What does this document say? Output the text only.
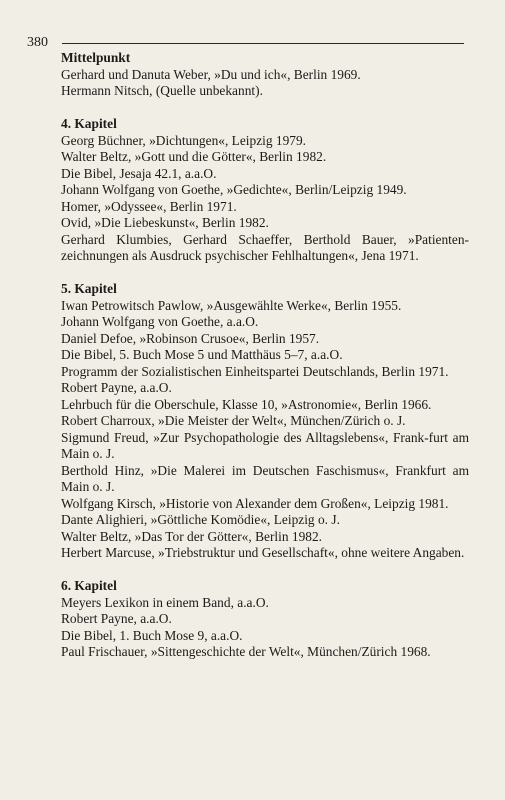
380

Mittelpunkt

Gerhard und Danuta Weber, »Du und ich«, Berlin 1969.

Hermann Nitsch, (Quelle unbekannt).

4. Kapitel

Georg Büchner, »Dichtungen«, Leipzig 1979.

Walter Beltz, »Gott und die Götter«, Berlin 1982.

Die Bibel, Jesaja 42.1, a.a.O.

Johann Wolfgang von Goethe, »Gedichte«, Berlin/Leipzig 1949.

Homer, »Odyssee«, Berlin 1971.

Ovid, »Die Liebeskunst«, Berlin 1982.

Gerhard Klumbies, Gerhard Schaeffer, Berthold Bauer, »Patienten-zeichnungen als Ausdruck psychischer Fehlhaltungen«, Jena 1971.

5. Kapitel

Iwan Petrowitsch Pawlow, »Ausgewählte Werke«, Berlin 1955.

Johann Wolfgang von Goethe, a.a.O.

Daniel Defoe, »Robinson Crusoe«, Berlin 1957.

Die Bibel, 5. Buch Mose 5 und Matthäus 5–7, a.a.O.

Programm der Sozialistischen Einheitspartei Deutschlands, Berlin 1971.

Robert Payne, a.a.O.

Lehrbuch für die Oberschule, Klasse 10, »Astronomie«, Berlin 1966.

Robert Charroux, »Die Meister der Welt«, München/Zürich o. J.

Sigmund Freud, »Zur Psychopathologie des Alltagslebens«, Frank-furt am Main o. J.

Berthold Hinz, »Die Malerei im Deutschen Faschismus«, Frankfurt am Main o. J.

Wolfgang Kirsch, »Historie von Alexander dem Großen«, Leipzig 1981.

Dante Alighieri, »Göttliche Komödie«, Leipzig o. J.

Walter Beltz, »Das Tor der Götter«, Berlin 1982.

Herbert Marcuse, »Triebstruktur und Gesellschaft«, ohne weitere Angaben.

6. Kapitel

Meyers Lexikon in einem Band, a.a.O.

Robert Payne, a.a.O.

Die Bibel, 1. Buch Mose 9, a.a.O.

Paul Frischauer, »Sittengeschichte der Welt«, München/Zürich 1968.
